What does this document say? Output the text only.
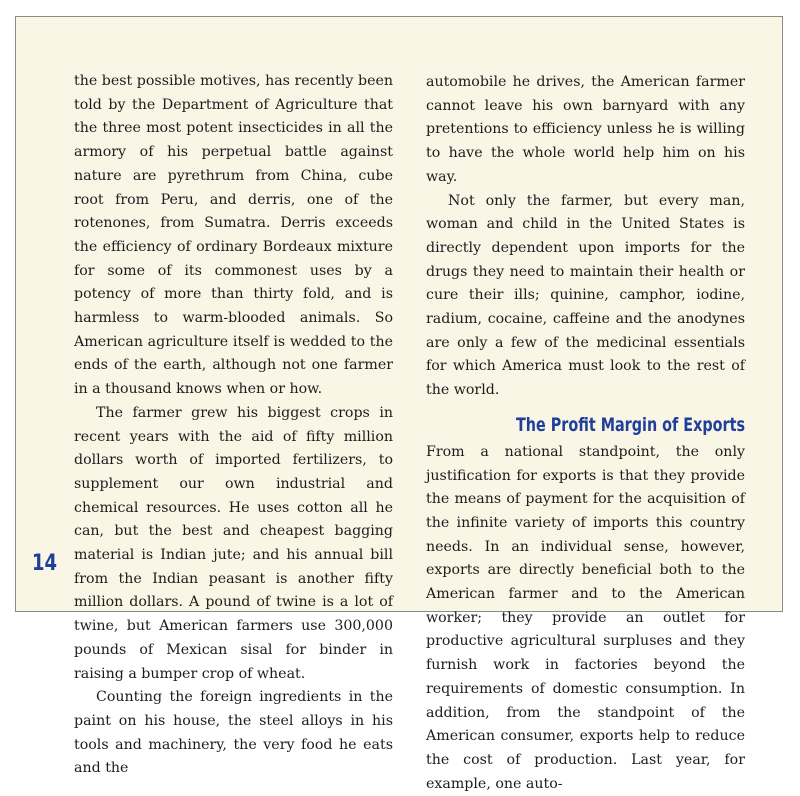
the best possible motives, has recently been told by the Department of Agriculture that the three most potent insecticides in all the armory of his perpetual battle against nature are pyrethrum from China, cube root from Peru, and derris, one of the rotenones, from Sumatra. Derris exceeds the efficiency of ordinary Bordeaux mixture for some of its commonest uses by a potency of more than thirty fold, and is harmless to warm-blooded animals. So American agriculture itself is wedded to the ends of the earth, although not one farmer in a thousand knows when or how.

The farmer grew his biggest crops in recent years with the aid of fifty million dollars worth of imported fertilizers, to supplement our own industrial and chemical resources. He uses cotton all he can, but the best and cheapest bagging material is Indian jute; and his annual bill from the Indian peasant is another fifty million dollars. A pound of twine is a lot of twine, but American farmers use 300,000 pounds of Mexican sisal for binder in raising a bumper crop of wheat.

Counting the foreign ingredients in the paint on his house, the steel alloys in his tools and machinery, the very food he eats and the

automobile he drives, the American farmer cannot leave his own barnyard with any pretentions to efficiency unless he is willing to have the whole world help him on his way.

Not only the farmer, but every man, woman and child in the United States is directly dependent upon imports for the drugs they need to maintain their health or cure their ills; quinine, camphor, iodine, radium, cocaine, caffeine and the anodynes are only a few of the medicinal essentials for which America must look to the rest of the world.

The Profit Margin of Exports

From a national standpoint, the only justification for exports is that they provide the means of payment for the acquisition of the infinite variety of imports this country needs. In an individual sense, however, exports are directly beneficial both to the American farmer and to the American worker; they provide an outlet for productive agricultural surpluses and they furnish work in factories beyond the requirements of domestic consumption. In addition, from the standpoint of the American consumer, exports help to reduce the cost of production. Last year, for example, one auto-

14
